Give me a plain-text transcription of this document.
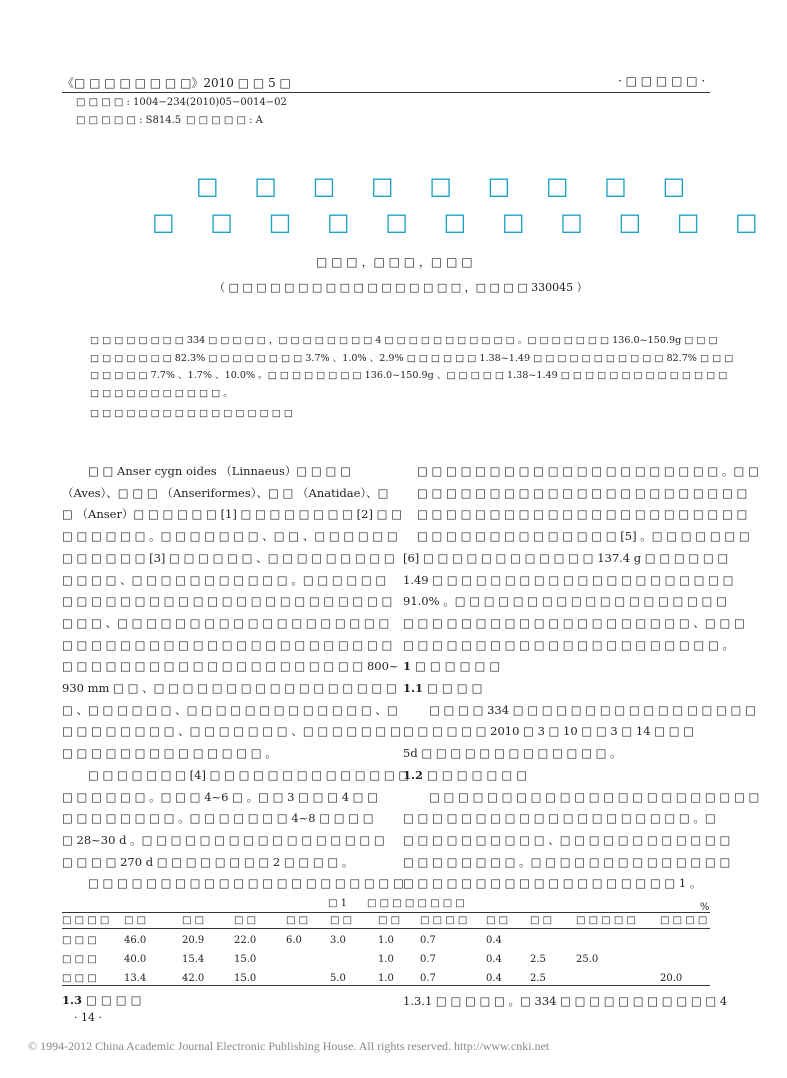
《□ □ □ □ □ □ □ □》2010 □ □ 5 □	· □ □ □ □ □ ·
□ □ □ □ : 1004−234(2010)05−0014−02
□ □ □ □ □ : S814.5 □ □ □ □ □ : A
□ □ □ □ □ □ □ □ □
□ □ □ □ □ □ □ □ □ □ □
□ □ □ ，□ □ □ ，□ □ □
（ □ □ □ □ □ □ □ □ □ □ □ □ □ □ □ □ □ ，□ □ □ □ 330045 ）
□ □ □ □ □ □ □ □ 334 □ □ □ □ □ ，□ □ □ □ □ □ □ □ 4 □ □ □ □ □ □ □ □ □ □ □ 。□ □ □ □ □ □ □ 136.0~150.9g □ □ □
□ □ □ □ □ □ □ 82.3% □ □ □ □ □ □ □ □ 3.7% 、1.0% 、2.9% □ □ □ □ □ □ 1.38~1.49 □ □ □ □ □ □ □ □ □ □ □ 82.7% □ □ □
□ □ □ □ □ 7.7% 、1.7% 、10.0% 。□ □ □ □ □ □ □ □ 136.0~150.9g 、□ □ □ □ □ 1.38~1.49 □ □ □ □ □ □ □ □ □ □ □ □ □ □
□ □ □ □ □ □ □ □ □ □ □ 。
□ □ □ □ □ □ □ □ □ □ □ □ □ □ □ □ □

□ □ Anser cygn oides （Linnaeus）□ □ □ □

（Aves）、□ □ □ （Anseriformes）、□ □ （Anatidae）、□

□ （Anser）□ □ □ □ □ □ [1] □ □ □ □ □ □ □ □ [2] □ □

□ □ □ □ □ □ 。□ □ □ □ □ □ □ 、□ □ 、□ □ □ □ □ □

□ □ □ □ □ □ [3] □ □ □ □ □ □ 、□ □ □ □ □ □ □ □ □

□ □ □ □ 、□ □ □ □ □ □ □ □ □ □ □ 。□ □ □ □ □ □

□ □ □ □ □ □ □ □ □ □ □ □ □ □ □ □ □ □ □ □ □ □ □

□ □ □ 、□ □ □ □ □ □ □ □ □ □ □ □ □ □ □ □ □ □ □

□ □ □ □ □ □ □ □ □ □ □ □ □ □ □ □ □ □ □ □ □ □ □

□ □ □ □ □ □ □ □ □ □ □ □ □ □ □ □ □ □ □ □ □ 800~

930 mm □ □ 、□ □ □ □ □ □ □ □ □ □ □ □ □ □ □ □ □

□ 、□ □ □ □ □ □ 、□ □ □ □ □ □ □ □ □ □ □ □ □ 、□

□ □ □ □ □ □ □ □ 、□ □ □ □ □ □ □ 、□ □ □ □ □ □ □

□ □ □ □ □ □ □ □ □ □ □ □ □ □ 。

□ □ □ □ □ □ □ [4] □ □ □ □ □ □ □ □ □ □ □ □ □ □

□ □ □ □ □ □ 。□ □ □ 4~6 □ 。□ □ 3 □ □ □ 4 □ □

□ □ □ □ □ □ □ □ 。□ □ □ □ □ □ □ 4~8 □ □ □ □

□ 28~30 d 。□ □ □ □ □ □ □ □ □ □ □ □ □ □ □ □ □

□ □ □ □ 270 d □ □ □ □ □ □ □ □ 2 □ □ □ □ 。

□ □ □ □ □ □ □ □ □ □ □ □ □ □ □ □ □ □ □ □ □ □

□ □ □ □ □ □ □ □ □ □ □ □ □ □ □ □ □ □ □ □ □ 。□ □

□ □ □ □ □ □ □ □ □ □ □ □ □ □ □ □ □ □ □ □ □ □ □

□ □ □ □ □ □ □ □ □ □ □ □ □ □ □ □ □ □ □ □ □ □ □

□ □ □ □ □ □ □ □ □ □ □ □ □ □ [5] 。□ □ □ □ □ □ □

[6] □ □ □ □ □ □ □ □ □ □ □ □ 137.4 g □ □ □ □ □ □

1.49 □ □ □ □ □ □ □ □ □ □ □ □ □ □ □ □ □ □ □ □ □

91.0% 。□ □ □ □ □ □ □ □ □ □ □ □ □ □ □ □ □ □ □

□ □ □ □ □ □ □ □ □ □ □ □ □ □ □ □ □ □ □ □ 、□ □ □

□ □ □ □ □ □ □ □ □ □ □ □ □ □ □ □ □ □ □ □ □ □ 。

1 □ □ □ □ □ □

1.1 □ □ □ □

□ □ □ □ 334 □ □ □ □ □ □ □ □ □ □ □ □ □ □ □ □ □

□ □ □ □ □ □ 2010 □ 3 □ 10 □ □ 3 □ 14 □ □ □

5d □ □ □ □ □ □ □ □ □ □ □ □ □ 。

1.2 □ □ □ □ □ □ □

□ □ □ □ □ □ □ □ □ □ □ □ □ □ □ □ □ □ □ □ □ □ □

□ □ □ □ □ □ □ □ □ □ □ □ □ □ □ □ □ □ □ □ 。□

□ □ □ □ □ □ □ □ □ □ 、□ □ □ □ □ □ □ □ □ □ □ □

□ □ □ □ □ □ □ □ 。□ □ □ □ □ □ □ □ □ □ □ □ □ □

□ □ □ □ □ □ □ □ □ □ □ □ □ □ □ □ □ □ □ 1 。

□ 1　　□ □ □ □ □ □ □ □	%
□ □ □ □	□ □	□ □	□ □	□ □	□ □	□ □	□ □ □ □	□ □	□ □	□ □ □ □ □	□ □ □ □

□ □ □	46.0	20.9	22.0	6.0	3.0	1.0	0.7	0.4			
□ □ □	40.0	15.4	15.0			1.0	0.7	0.4	2.5	25.0	
□ □ □	13.4	42.0	15.0		5.0	1.0	0.7	0.4	2.5		20.0
1.3 □ □ □ □	1.3.1 □ □ □ □ □ 。□ 334 □ □ □ □ □ □ □ □ □ □ □ 4
· 14 ·
© 1994-2012 China Academic Journal Electronic Publishing House. All rights reserved. http://www.cnki.net
